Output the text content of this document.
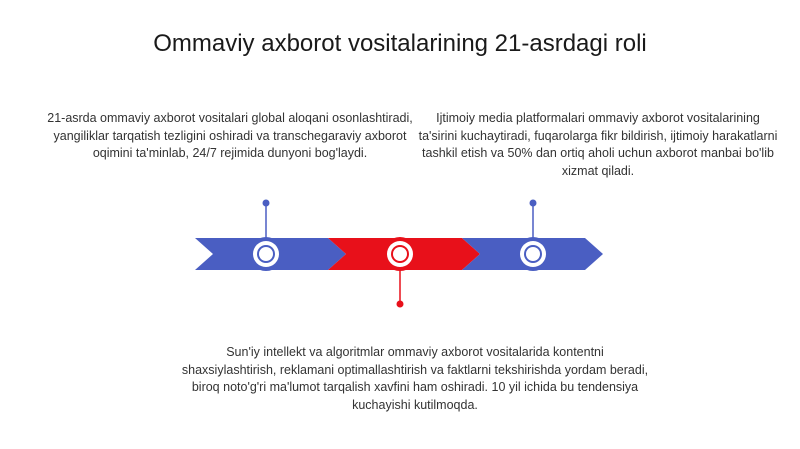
Ommaviy axborot vositalarining 21-asrdagi roli
21-asrda ommaviy axborot vositalari global aloqani osonlashtiradi, yangiliklar tarqatish tezligini oshiradi va transchegaraviy axborot oqimini ta'minlab, 24/7 rejimida dunyoni bog'laydi.
Ijtimoiy media platformalari ommaviy axborot vositalarining ta'sirini kuchaytiradi, fuqarolarga fikr bildirish, ijtimoiy harakatlarni tashkil etish va 50% dan ortiq aholi uchun axborot manbai bo'lib xizmat qiladi.
Sun'iy intellekt va algoritmlar ommaviy axborot vositalarida kontentni shaxsiylashtirish, reklamani optimallashtirish va faktlarni tekshirishda yordam beradi, biroq noto'g'ri ma'lumot tarqalish xavfini ham oshiradi. 10 yil ichida bu tendensiya kuchayishi kutilmoqda.
